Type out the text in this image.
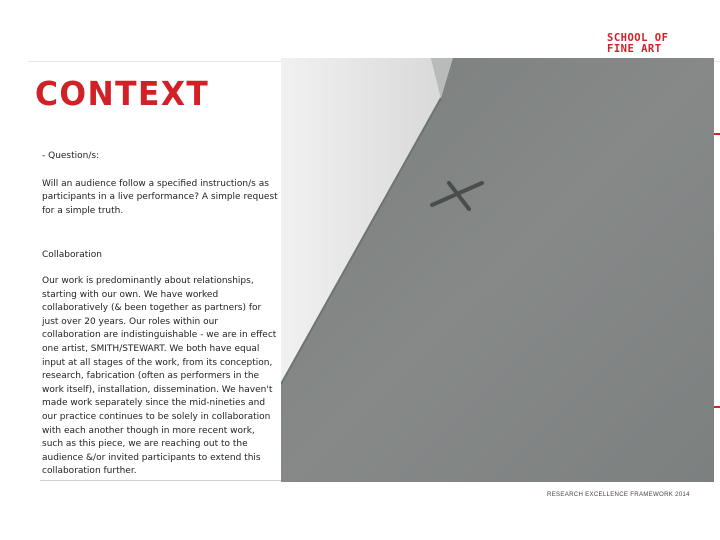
SCHOOL OF
FINE ART
CONTEXT

- Question/s:

Will an audience follow a specified instruction/s as participants in a live performance? A simple request for a simple truth.

Collaboration

Our work is predominantly about relationships, starting with our own. We have worked collaboratively (& been together as partners) for just over 20 years. Our roles within our collaboration are indistinguishable - we are in effect one artist, SMITH/STEWART. We both have equal input at all stages of the work, from its conception, research, fabrication (often as performers in the work itself), installation, dissemination. We haven't made work separately since the mid-nineties and our practice continues to be solely in collaboration with each another though in more recent work, such as this piece, we are reaching out to the audience &/or invited participants to extend this collaboration further.

RESEARCH EXCELLENCE FRAMEWORK 2014
